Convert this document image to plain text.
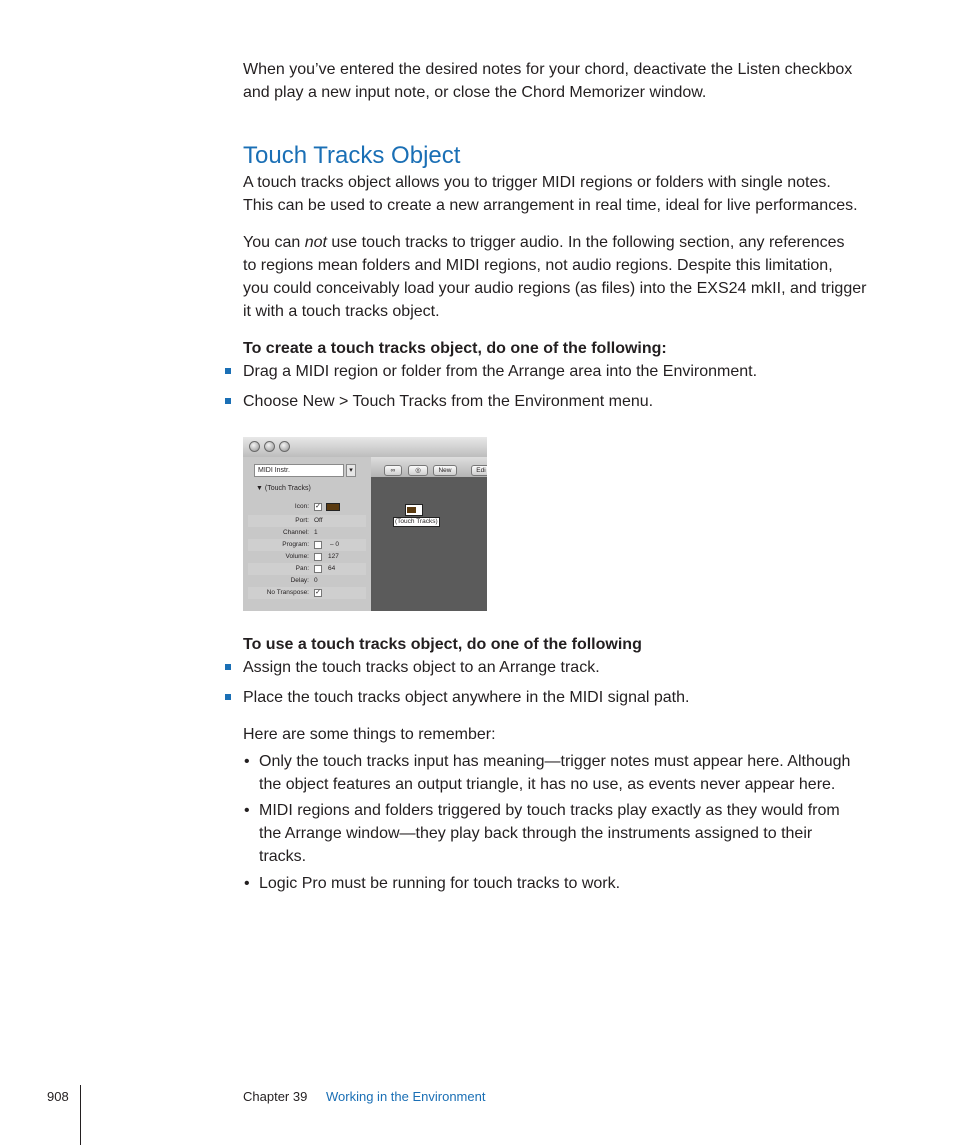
When you’ve entered the desired notes for your chord, deactivate the Listen checkbox
and play a new input note, or close the Chord Memorizer window.
Touch Tracks Object
A touch tracks object allows you to trigger MIDI regions or folders with single notes.
This can be used to create a new arrangement in real time, ideal for live performances.
You can not use touch tracks to trigger audio. In the following section, any references
to regions mean folders and MIDI regions, not audio regions. Despite this limitation,
you could conceivably load your audio regions (as files) into the EXS24 mkII, and trigger
it with a touch tracks object.
To create a touch tracks object, do one of the following:
Drag a MIDI region or folder from the Arrange area into the Environment.
Choose New > Touch Tracks from the Environment menu.
MIDI Instr.	▾
▼ (Touch Tracks)
Icon: ✓
Port: Off
Channel: 1
Program:	– 0
Volume:	127
Pan:	64
Delay: 0
No Transpose: ✓
∞	◎	New	Edi
(Touch Tracks)
To use a touch tracks object, do one of the following
Assign the touch tracks object to an Arrange track.
Place the touch tracks object anywhere in the MIDI signal path.
Here are some things to remember:
• Only the touch tracks input has meaning—trigger notes must appear here. Although
the object features an output triangle, it has no use, as events never appear here.
• MIDI regions and folders triggered by touch tracks play exactly as they would from
the Arrange window—they play back through the instruments assigned to their
tracks.
• Logic Pro must be running for touch tracks to work.
908	Chapter 39 Working in the Environment
